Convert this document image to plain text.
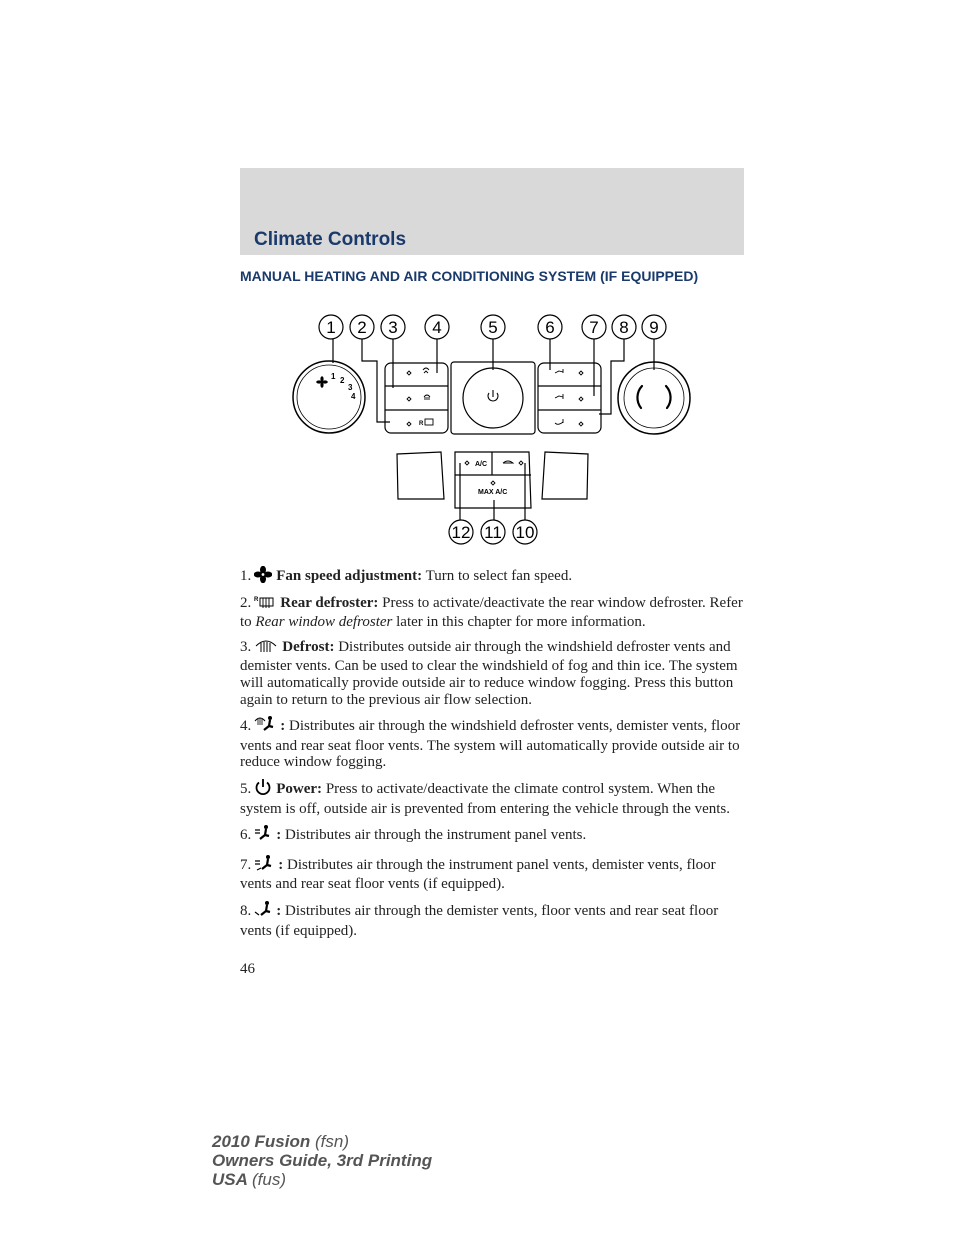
Climate Controls
MANUAL HEATING AND AIR CONDITIONING SYSTEM (IF EQUIPPED)
A/C
MAX A/C
R
1 2
3
4
1 2 3 4	5	6 7 8 9
12 11 10
1. Fan speed adjustment: Turn to select fan speed.
2. R Rear defroster: Press to activate/deactivate the rear window defroster. Refer to Rear window defroster later in this chapter for more information.
3. Defrost: Distributes outside air through the windshield defroster vents and demister vents. Can be used to clear the windshield of fog and thin ice. The system will automatically provide outside air to reduce window fogging. Press this button again to return to the previous air flow selection.
4. : Distributes air through the windshield defroster vents, demister vents, floor vents and rear seat floor vents. The system will automatically provide outside air to reduce window fogging.
5. Power: Press to activate/deactivate the climate control system. When the system is off, outside air is prevented from entering the vehicle through the vents.
6. : Distributes air through the instrument panel vents.
7. : Distributes air through the instrument panel vents, demister vents, floor vents and rear seat floor vents (if equipped).
8. : Distributes air through the demister vents, floor vents and rear seat floor vents (if equipped).
46
2010 Fusion (fsn)
Owners Guide, 3rd Printing
USA (fus)
